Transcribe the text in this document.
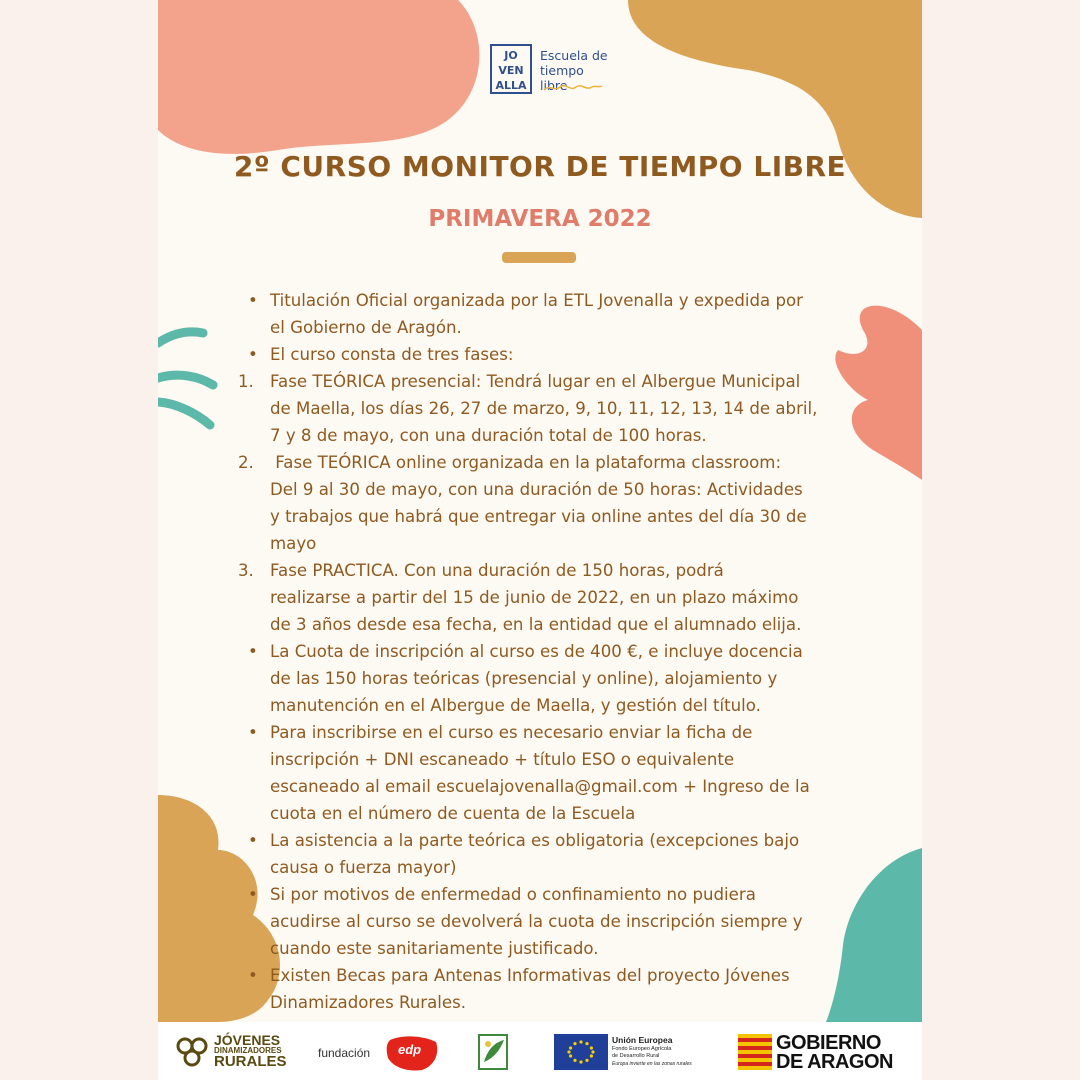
JO
VEN
ALLA
Escuela de
tiempo libre
2º CURSO MONITOR DE TIEMPO LIBRE
PRIMAVERA 2022
• Titulación Oficial organizada por la ETL Jovenalla y expedida por
el Gobierno de Aragón.
• El curso consta de tres fases:
1. Fase TEÓRICA presencial: Tendrá lugar en el Albergue Municipal
de Maella, los días 26, 27 de marzo, 9, 10, 11, 12, 13, 14 de abril,
7 y 8 de mayo, con una duración total de 100 horas.
2. Fase TEÓRICA online organizada en la plataforma classroom:
Del 9 al 30 de mayo, con una duración de 50 horas: Actividades
y trabajos que habrá que entregar via online antes del día 30 de
mayo
3. Fase PRACTICA. Con una duración de 150 horas, podrá
realizarse a partir del 15 de junio de 2022, en un plazo máximo
de 3 años desde esa fecha, en la entidad que el alumnado elija.
• La Cuota de inscripción al curso es de 400 €, e incluye docencia
de las 150 horas teóricas (presencial y online), alojamiento y
manutención en el Albergue de Maella, y gestión del título.
• Para inscribirse en el curso es necesario enviar la ficha de
inscripción + DNI escaneado + título ESO o equivalente
escaneado al email escuelajovenalla@gmail.com + Ingreso de la
cuota en el número de cuenta de la Escuela
• La asistencia a la parte teórica es obligatoria (excepciones bajo
causa o fuerza mayor)
• Si por motivos de enfermedad o confinamiento no pudiera
acudirse al curso se devolverá la cuota de inscripción siempre y
cuando este sanitariamente justificado.
• Existen Becas para Antenas Informativas del proyecto Jóvenes
Dinamizadores Rurales.
JÓVENES
DINAMIZADORES
RURALES	fundación edp
Unión Europea
Fondo Europeo Agrícola
de Desarrollo Rural
Europa invierte en las zonas rurales
GOBIERNO
DE ARAGON
